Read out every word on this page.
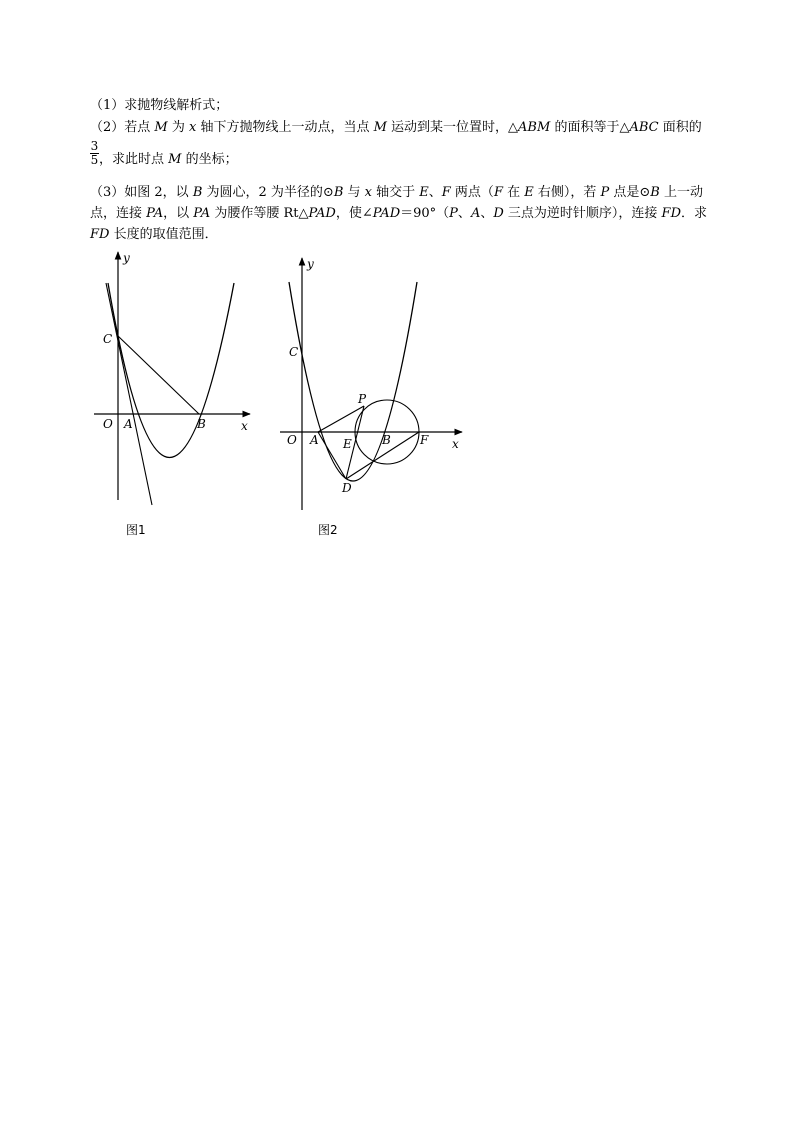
（1）求抛物线解析式；
（2）若点 M 为 x 轴下方抛物线上一动点，当点 M 运动到某一位置时，△ABM 的面积等于△ABC 面积的
3
5 ，求此时点 M 的坐标；
（3）如图 2，以 B 为圆心，2 为半径的⊙B 与 x 轴交于 E、F 两点（F 在 E 右侧），若 P 点是⊙B 上一动
点，连接 PA，以 PA 为腰作等腰 Rt△PAD，使∠PAD＝90°（P、A、D 三点为逆时针顺序），连接 FD．求
FD 长度的取值范围．
y
x
O A	B
C
y
x
O A	B
C
E	F
P
D
图1	图2
